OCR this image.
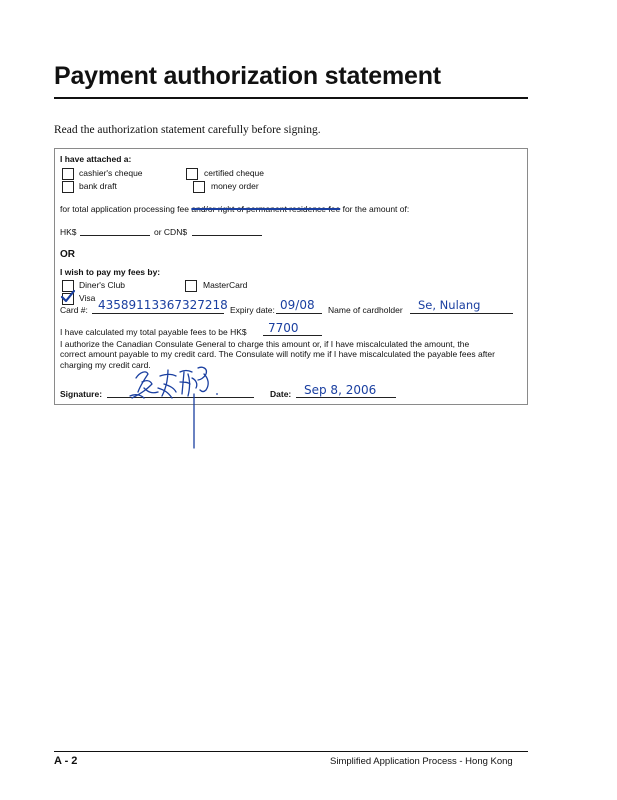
Payment authorization statement
Read the authorization statement carefully before signing.
I have attached a:
cashier's cheque	certified cheque
bank draft	money order
for total application processing fee and/or right of permanent residence fee for the amount of:
HK$	or CDN$
OR
I wish to pay my fees by:
Diner's Club	MasterCard
Visa
Card #: 4358911336732721​8 Expiry date: 09/08 Name of cardholder Se, Nulang
I have calculated my total payable fees to be HK$ 7700
I authorize the Canadian Consulate General to charge this amount or, if I have miscalculated the amount, the
correct amount payable to my credit card. The Consulate will notify me if I have miscalculated the payable fees after
charging my credit card.
Signature:	Date: Sep 8, 2006
A - 2	Simplified Application Process - Hong Kong
